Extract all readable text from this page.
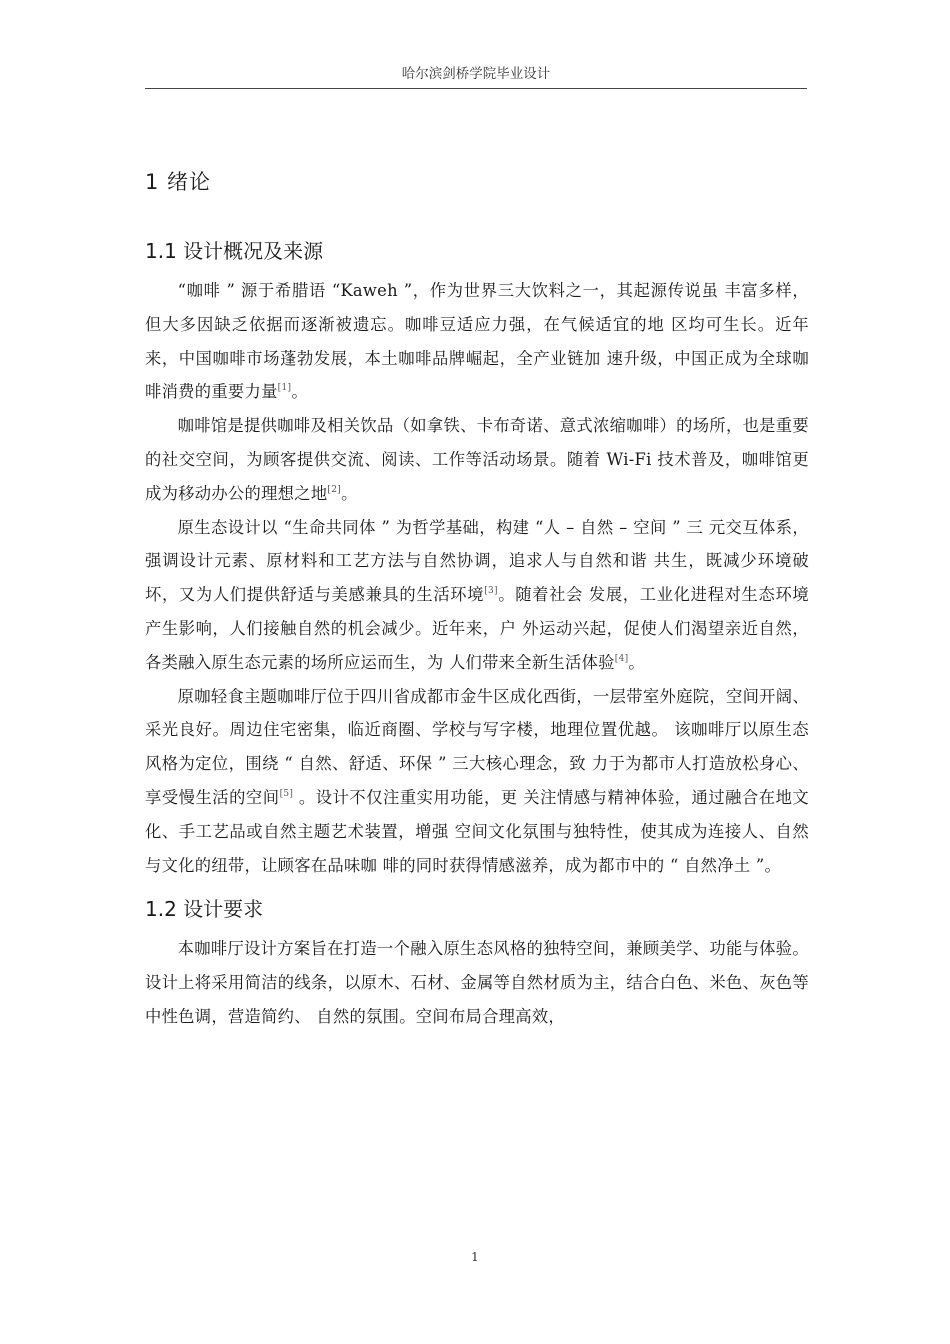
哈尔滨剑桥学院毕业设计
1 绪论
1.1 设计概况及来源

“咖啡 ” 源于希腊语 “Kaweh ”，作为世界三大饮料之一，其起源传说虽 丰富多样，但大多因缺乏依据而逐渐被遗忘。咖啡豆适应力强，在气候适宜的地 区均可生长。近年来，中国咖啡市场蓬勃发展，本土咖啡品牌崛起，全产业链加 速升级，中国正成为全球咖啡消费的重要力量[1]。

咖啡馆是提供咖啡及相关饮品（如拿铁、卡布奇诺、意式浓缩咖啡）的场所，也是重要的社交空间，为顾客提供交流、阅读、工作等活动场景。随着 Wi-Fi 技术普及，咖啡馆更成为移动办公的理想之地[2]。

原生态设计以 “生命共同体 ” 为哲学基础，构建 “人 – 自然 – 空间 ” 三 元交互体系，强调设计元素、原材料和工艺方法与自然协调，追求人与自然和谐 共生，既减少环境破坏，又为人们提供舒适与美感兼具的生活环境[3]。随着社会 发展，工业化进程对生态环境产生影响，人们接触自然的机会减少。近年来，户 外运动兴起，促使人们渴望亲近自然，各类融入原生态元素的场所应运而生，为 人们带来全新生活体验[4]。

原咖轻食主题咖啡厅位于四川省成都市金牛区成化西街，一层带室外庭院，空间开阔、采光良好。周边住宅密集，临近商圈、学校与写字楼，地理位置优越。 该咖啡厅以原生态风格为定位，围绕 “ 自然、舒适、环保 ” 三大核心理念，致 力于为都市人打造放松身心、享受慢生活的空间[5] 。设计不仅注重实用功能，更 关注情感与精神体验，通过融合在地文化、手工艺品或自然主题艺术装置，增强 空间文化氛围与独特性，使其成为连接人、自然与文化的纽带，让顾客在品味咖 啡的同时获得情感滋养，成为都市中的 “ 自然净土 ”。

1.2 设计要求

本咖啡厅设计方案旨在打造一个融入原生态风格的独特空间，兼顾美学、功能与体验。设计上将采用简洁的线条，以原木、石材、金属等自然材质为主，结合白色、米色、灰色等中性色调，营造简约、 自然的氛围。空间布局合理高效，

1
